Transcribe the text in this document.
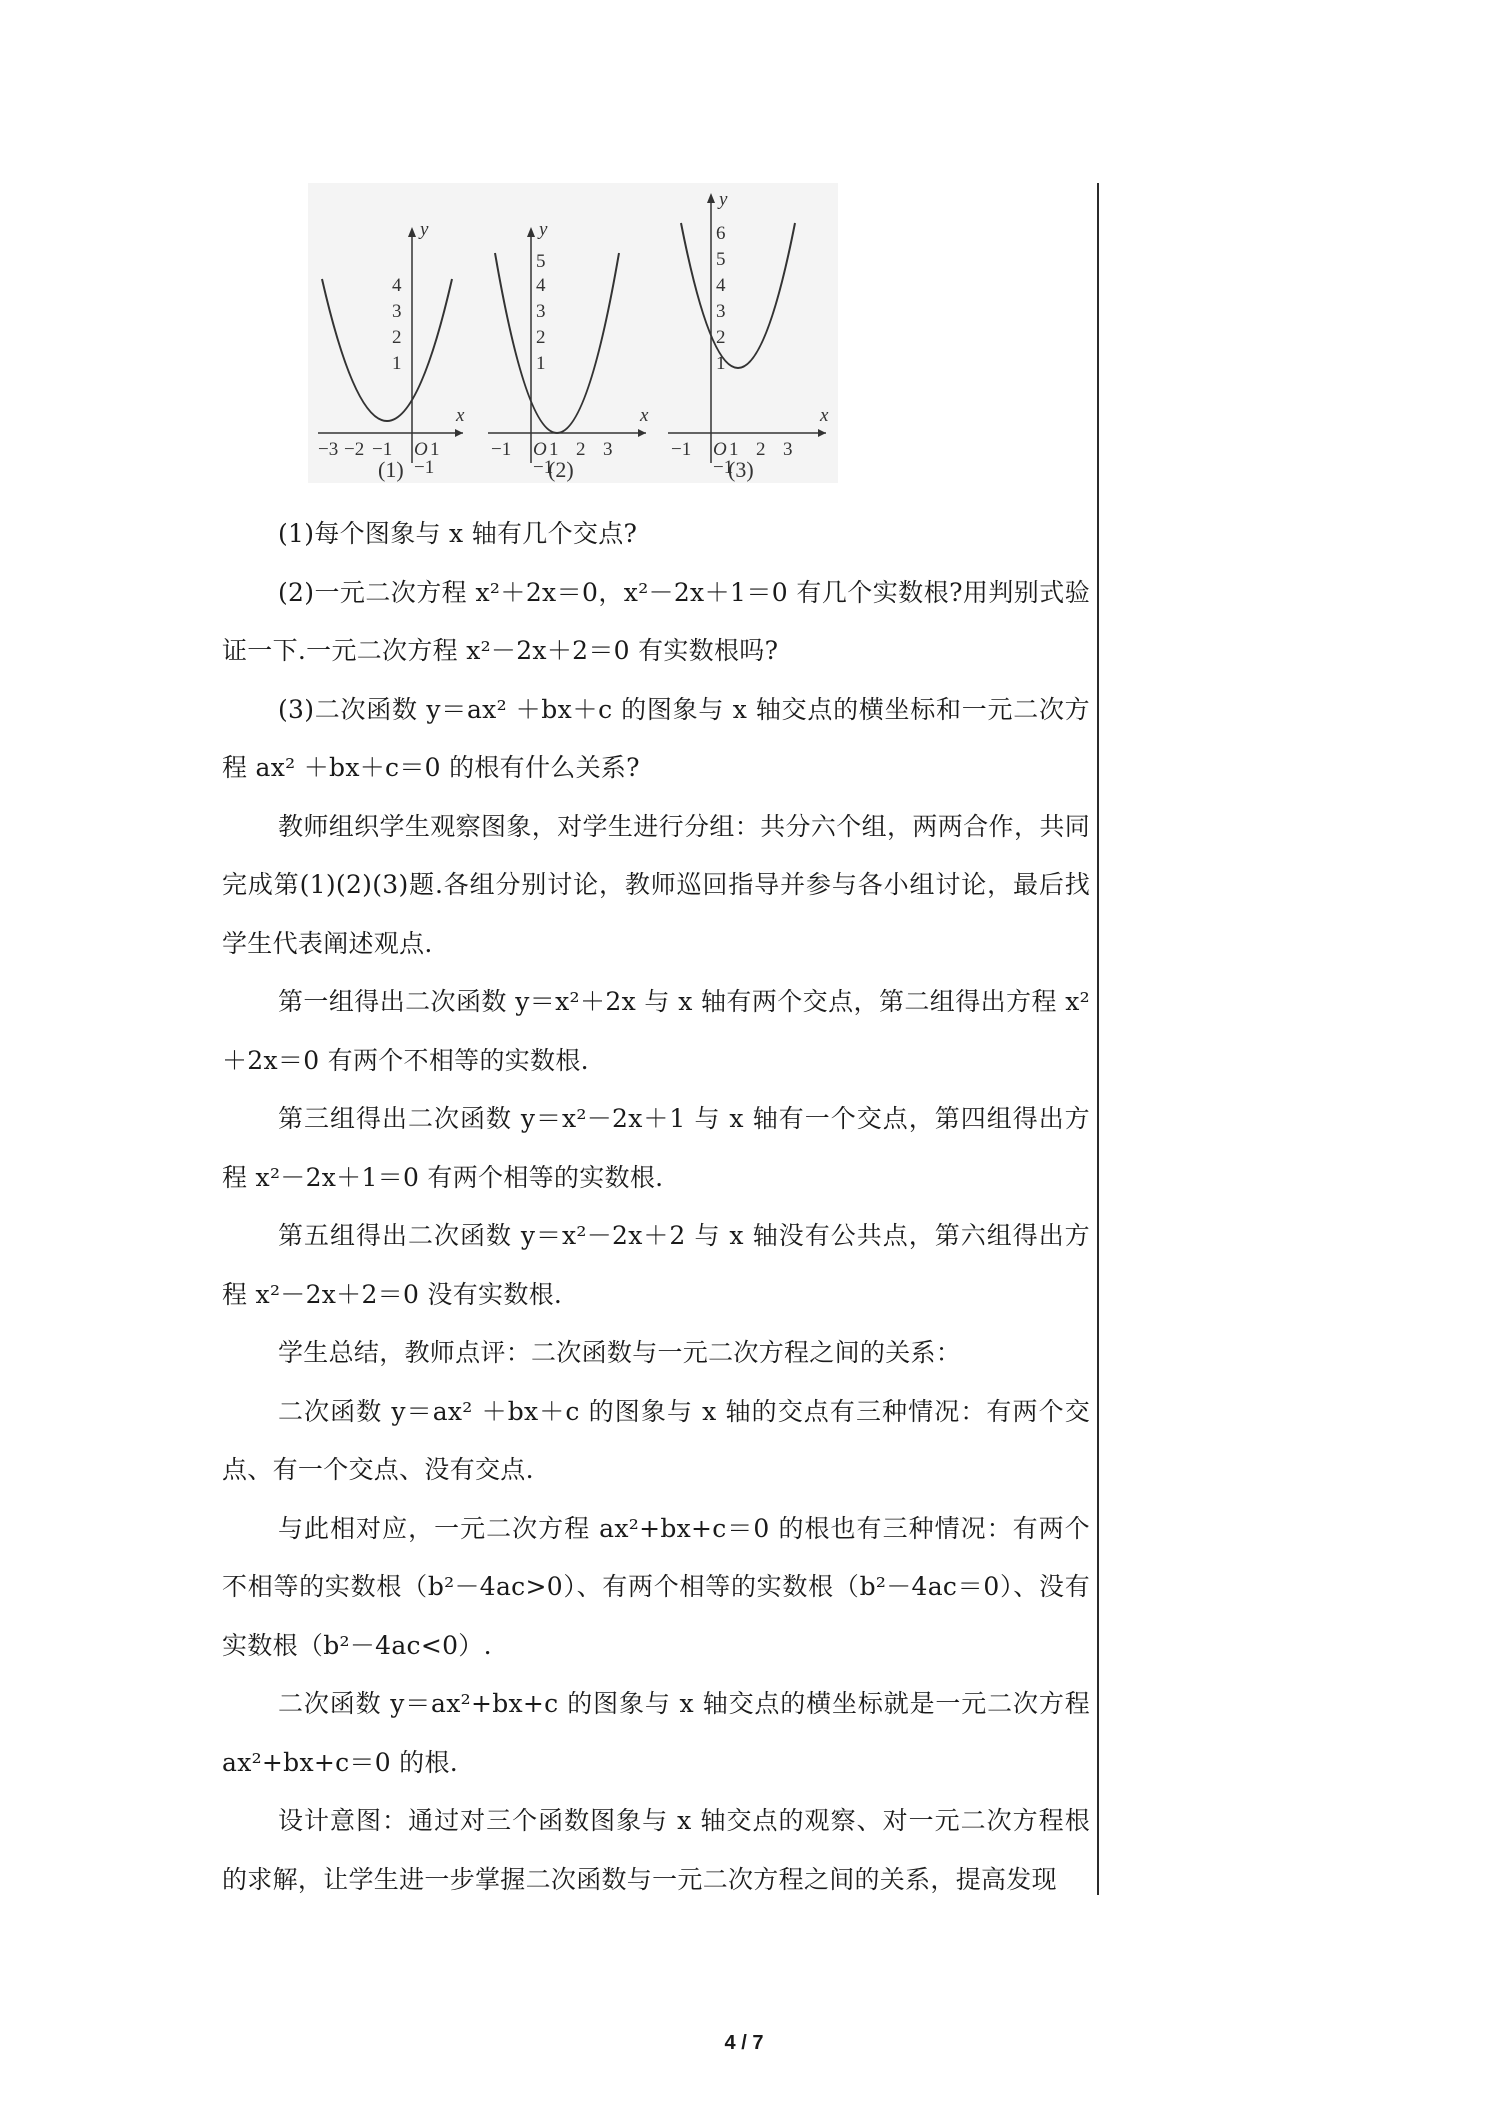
y
x
4
3
2
1
−3 −2 −1 O 1
−1
(1)
y
x
5
4
3
2
1
−1 O 1 2 3
−1
(2)
y
x
6
5
4
3
2
1
−1 O 1 2 3
−1
(3)

(1)每个图象与 x 轴有几个交点?

(2)一元二次方程 x²＋2x＝0，x²－2x＋1＝0 有几个实数根?用判别式验证一下.一元二次方程 x²－2x＋2＝0 有实数根吗?

(3)二次函数 y＝ax² ＋bx＋c 的图象与 x 轴交点的横坐标和一元二次方程 ax² ＋bx＋c＝0 的根有什么关系?

教师组织学生观察图象，对学生进行分组：共分六个组，两两合作，共同完成第(1)(2)(3)题.各组分别讨论，教师巡回指导并参与各小组讨论，最后找学生代表阐述观点.

第一组得出二次函数 y＝x²＋2x 与 x 轴有两个交点，第二组得出方程 x²＋2x＝0 有两个不相等的实数根.

第三组得出二次函数 y＝x²－2x＋1 与 x 轴有一个交点，第四组得出方程 x²－2x＋1＝0 有两个相等的实数根.

第五组得出二次函数 y＝x²－2x＋2 与 x 轴没有公共点，第六组得出方程 x²－2x＋2＝0 没有实数根.

学生总结，教师点评：二次函数与一元二次方程之间的关系：

二次函数 y＝ax² ＋bx＋c 的图象与 x 轴的交点有三种情况：有两个交点、有一个交点、没有交点.

与此相对应，一元二次方程 ax²+bx+c＝0 的根也有三种情况：有两个不相等的实数根（b²－4ac>0）、有两个相等的实数根（b²－4ac＝0）、没有实数根（b²－4ac<0）.

二次函数 y＝ax²+bx+c 的图象与 x 轴交点的横坐标就是一元二次方程 ax²+bx+c＝0 的根.

设计意图：通过对三个函数图象与 x 轴交点的观察、对一元二次方程根的求解，让学生进一步掌握二次函数与一元二次方程之间的关系，提高发现

4 / 7
